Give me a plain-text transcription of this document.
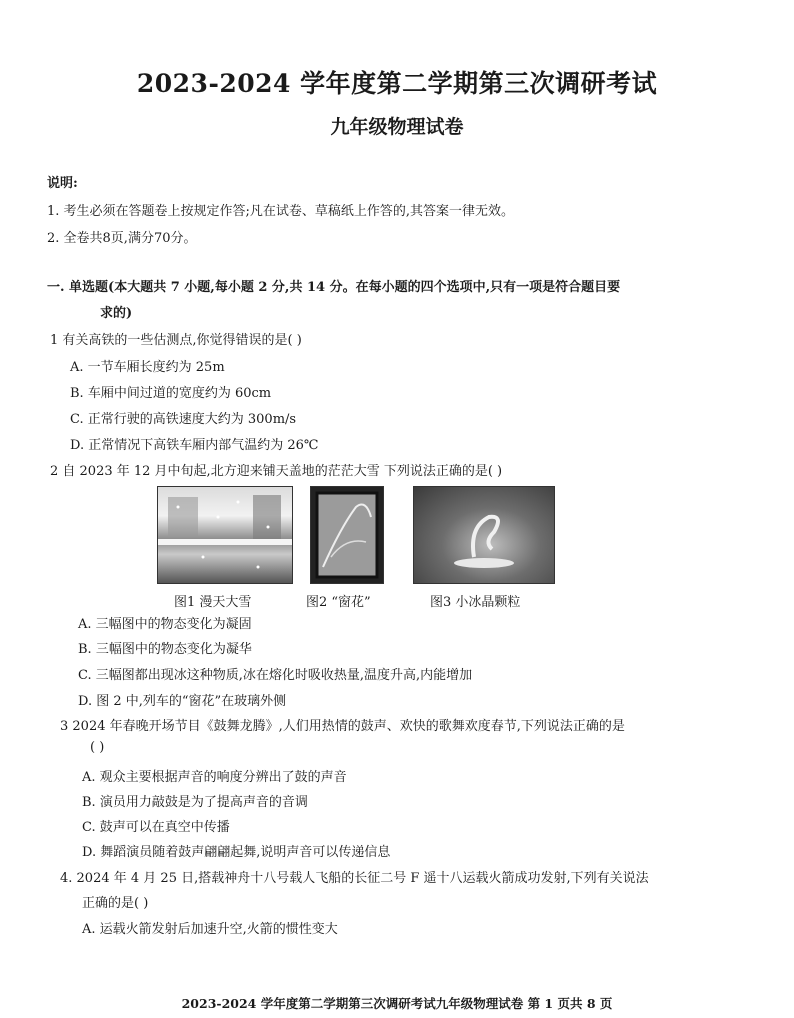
2023-2024 学年度第二学期第三次调研考试
九年级物理试卷
说明:
1. 考生必须在答题卷上按规定作答;凡在试卷、草稿纸上作答的,其答案一律无效。
2. 全卷共8页,满分70分。
一. 单选题(本大题共 7 小题,每小题 2 分,共 14 分。在每小题的四个选项中,只有一项是符合题目要
求的)
1 有关高铁的一些估测点,你觉得错误的是( )
A. 一节车厢长度约为 25m
B. 车厢中间过道的宽度约为 60cm
C. 正常行驶的高铁速度大约为 300m/s
D. 正常情况下高铁车厢内部气温约为 26℃
2 自 2023 年 12 月中旬起,北方迎来铺天盖地的茫茫大雪 下列说法正确的是( )
图1 漫天大雪	图2 “窗花”	图3 小冰晶颗粒
A. 三幅图中的物态变化为凝固
B. 三幅图中的物态变化为凝华
C. 三幅图都出现冰这种物质,冰在熔化时吸收热量,温度升高,内能增加
D. 图 2 中,列车的“窗花”在玻璃外侧
3 2024 年春晚开场节目《鼓舞龙腾》,人们用热情的鼓声、欢快的歌舞欢度春节,下列说法正确的是
( )
A. 观众主要根据声音的响度分辨出了鼓的声音
B. 演员用力敲鼓是为了提高声音的音调
C. 鼓声可以在真空中传播
D. 舞蹈演员随着鼓声翩翩起舞,说明声音可以传递信息
4. 2024 年 4 月 25 日,搭载神舟十八号载人飞船的长征二号 F 遥十八运载火箭成功发射,下列有关说法
正确的是( )
A. 运载火箭发射后加速升空,火箭的惯性变大
2023-2024 学年度第二学期第三次调研考试九年级物理试卷 第 1 页共 8 页
